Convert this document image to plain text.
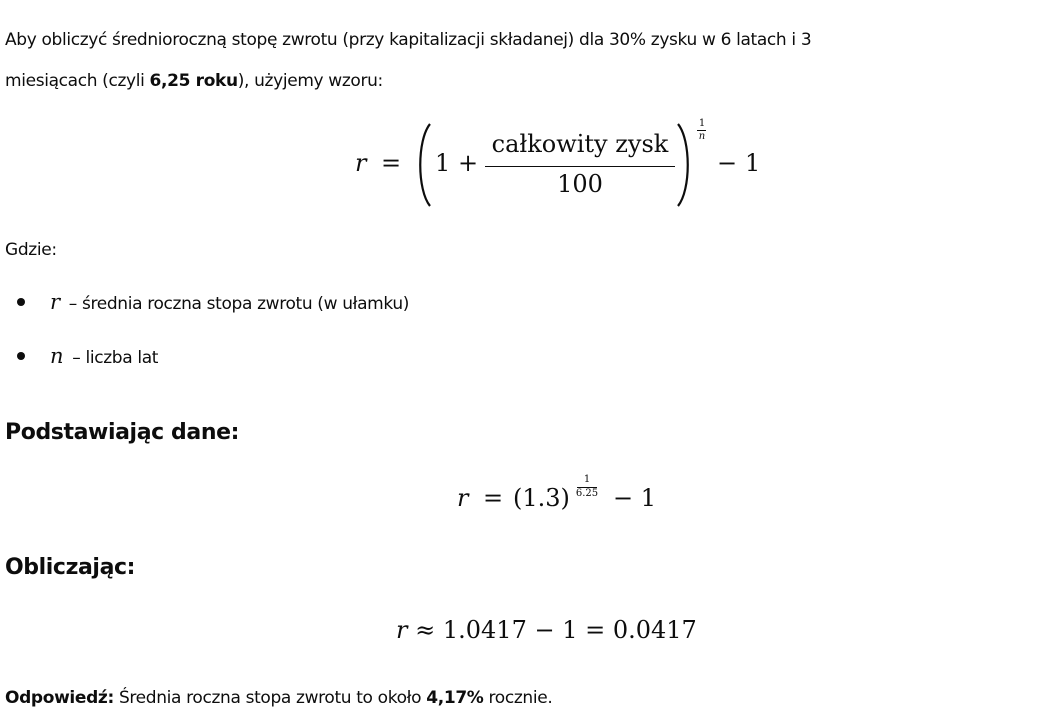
Aby obliczyć średnioroczną stopę zwrotu (przy kapitalizacji składanej) dla 30% zysku w 6 latach i 3

miesiącach (czyli 6,25 roku), użyjemy wzoru:

r = 1 +
całkowity zysk
100
1
n
− 1

Gdzie:

r – średnia roczna stopa zwrotu (w ułamku)
n – liczba lat
Podstawiając dane:
r = (1.3)
1
6.25 − 1
Obliczając:
r ≈ 1.0417 − 1 = 0.0417

Odpowiedź: Średnia roczna stopa zwrotu to około 4,17% rocznie.
